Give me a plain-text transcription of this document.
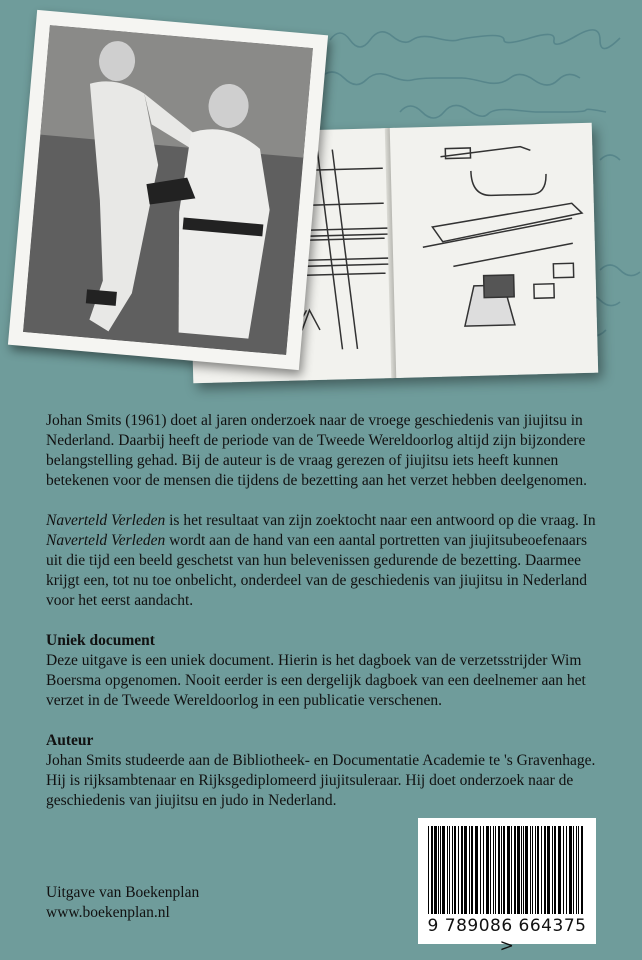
Johan Smits (1961) doet al jaren onderzoek naar de vroege geschiedenis van jiujitsu in Nederland. Daarbij heeft de periode van de Tweede Wereldoorlog altijd zijn bijzondere belangstelling gehad. Bij de auteur is de vraag gerezen of jiujitsu iets heeft kunnen betekenen voor de mensen die tijdens de bezetting aan het verzet hebben deelgenomen.

Naverteld Verleden is het resultaat van zijn zoektocht naar een antwoord op die vraag. In Naverteld Verleden wordt aan de hand van een aantal portretten van jiujitsubeoefenaars uit die tijd een beeld geschetst van hun belevenissen gedurende de bezetting. Daarmee krijgt een, tot nu toe onbelicht, onderdeel van de geschiedenis van jiujitsu in Nederland voor het eerst aandacht.

Uniek document

Deze uitgave is een uniek document. Hierin is het dagboek van de verzetsstrijder Wim Boersma opgenomen. Nooit eerder is een dergelijk dagboek van een deelnemer aan het verzet in de Tweede Wereldoorlog in een publicatie verschenen.

Auteur

Johan Smits studeerde aan de Bibliotheek- en Documentatie Academie te 's Gravenhage. Hij is rijksambtenaar en Rijksgediplomeerd jiujitsuleraar. Hij doet onderzoek naar de geschiedenis van jiujitsu en judo in Nederland.

Uitgave van Boekenplan
www.boekenplan.nl
9 789086 664375 >
